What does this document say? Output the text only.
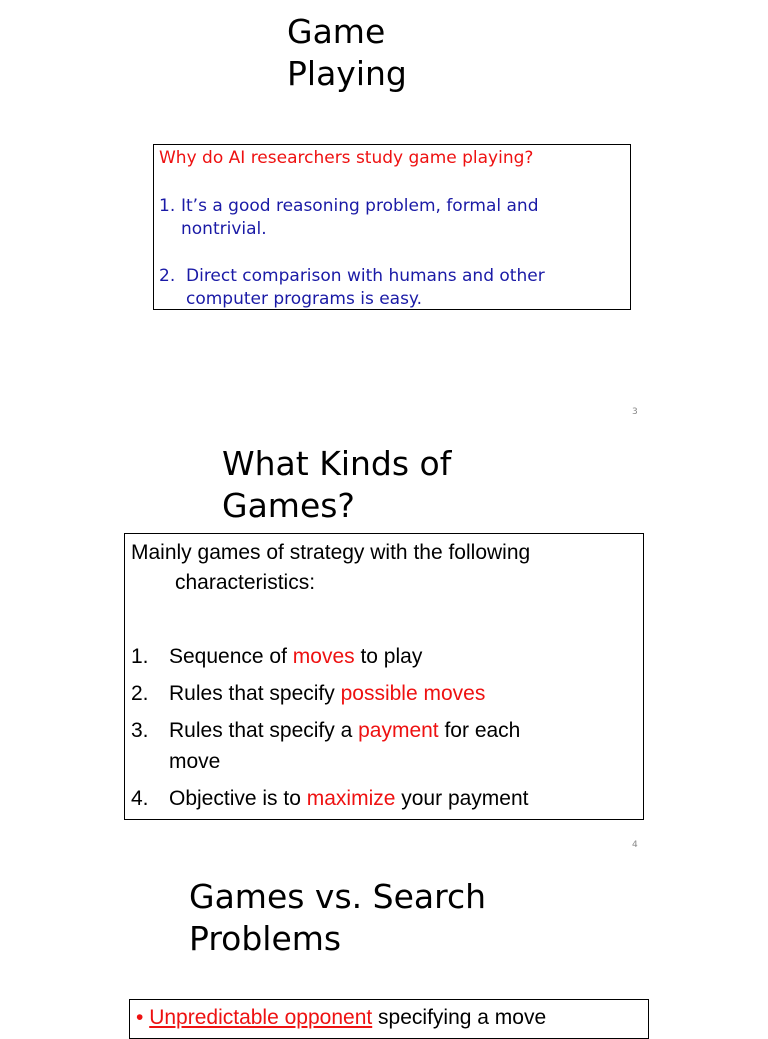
Game
Playing
Why do AI researchers study game playing?
1. It’s a good reasoning problem, formal and
nontrivial.
2. Direct comparison with humans and other
computer programs is easy.
3
What Kinds of
Games?
Mainly games of strategy with the following
characteristics:
1. Sequence of moves to play
2. Rules that specify possible moves
3. Rules that specify a payment for each
move
4. Objective is to maximize your payment
4
Games vs. Search
Problems
• Unpredictable opponent specifying a move
